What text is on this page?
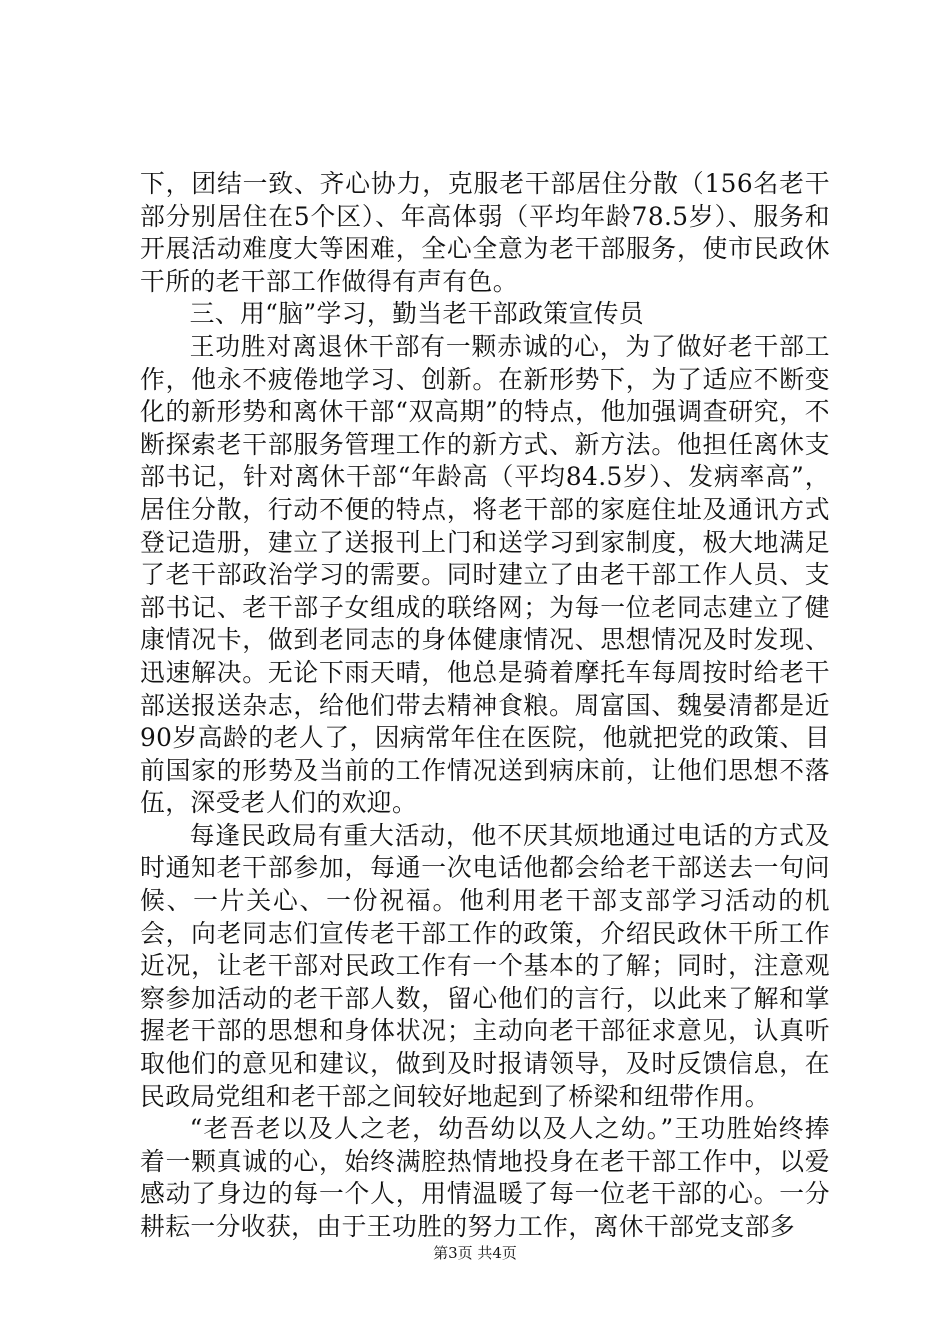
下，团结一致、齐心协力，克服老干部居住分散（156名老干部分别居住在5个区）、年高体弱（平均年龄78.5岁）、服务和开展活动难度大等困难，全心全意为老干部服务，使市民政休干所的老干部工作做得有声有色。

三、用“脑”学习，勤当老干部政策宣传员

王功胜对离退休干部有一颗赤诚的心，为了做好老干部工作，他永不疲倦地学习、创新。在新形势下，为了适应不断变化的新形势和离休干部“双高期”的特点，他加强调查研究，不断探索老干部服务管理工作的新方式、新方法。他担任离休支部书记，针对离休干部“年龄高（平均84.5岁）、发病率高”，居住分散，行动不便的特点，将老干部的家庭住址及通讯方式登记造册，建立了送报刊上门和送学习到家制度，极大地满足了老干部政治学习的需要。同时建立了由老干部工作人员、支部书记、老干部子女组成的联络网；为每一位老同志建立了健康情况卡，做到老同志的身体健康情况、思想情况及时发现、迅速解决。无论下雨天晴，他总是骑着摩托车每周按时给老干部送报送杂志，给他们带去精神食粮。周富国、魏晏清都是近90岁高龄的老人了，因病常年住在医院，他就把党的政策、目前国家的形势及当前的工作情况送到病床前，让他们思想不落伍，深受老人们的欢迎。

每逢民政局有重大活动，他不厌其烦地通过电话的方式及时通知老干部参加，每通一次电话他都会给老干部送去一句问候、一片关心、一份祝福。他利用老干部支部学习活动的机会，向老同志们宣传老干部工作的政策，介绍民政休干所工作近况，让老干部对民政工作有一个基本的了解；同时，注意观察参加活动的老干部人数，留心他们的言行，以此来了解和掌握老干部的思想和身体状况；主动向老干部征求意见，认真听取他们的意见和建议，做到及时报请领导，及时反馈信息，在民政局党组和老干部之间较好地起到了桥梁和纽带作用。

“老吾老以及人之老，幼吾幼以及人之幼。”王功胜始终捧着一颗真诚的心，始终满腔热情地投身在老干部工作中，以爱感动了身边的每一个人，用情温暖了每一位老干部的心。一分耕耘一分收获，由于王功胜的努力工作，离休干部党支部多

第3页 共4页
